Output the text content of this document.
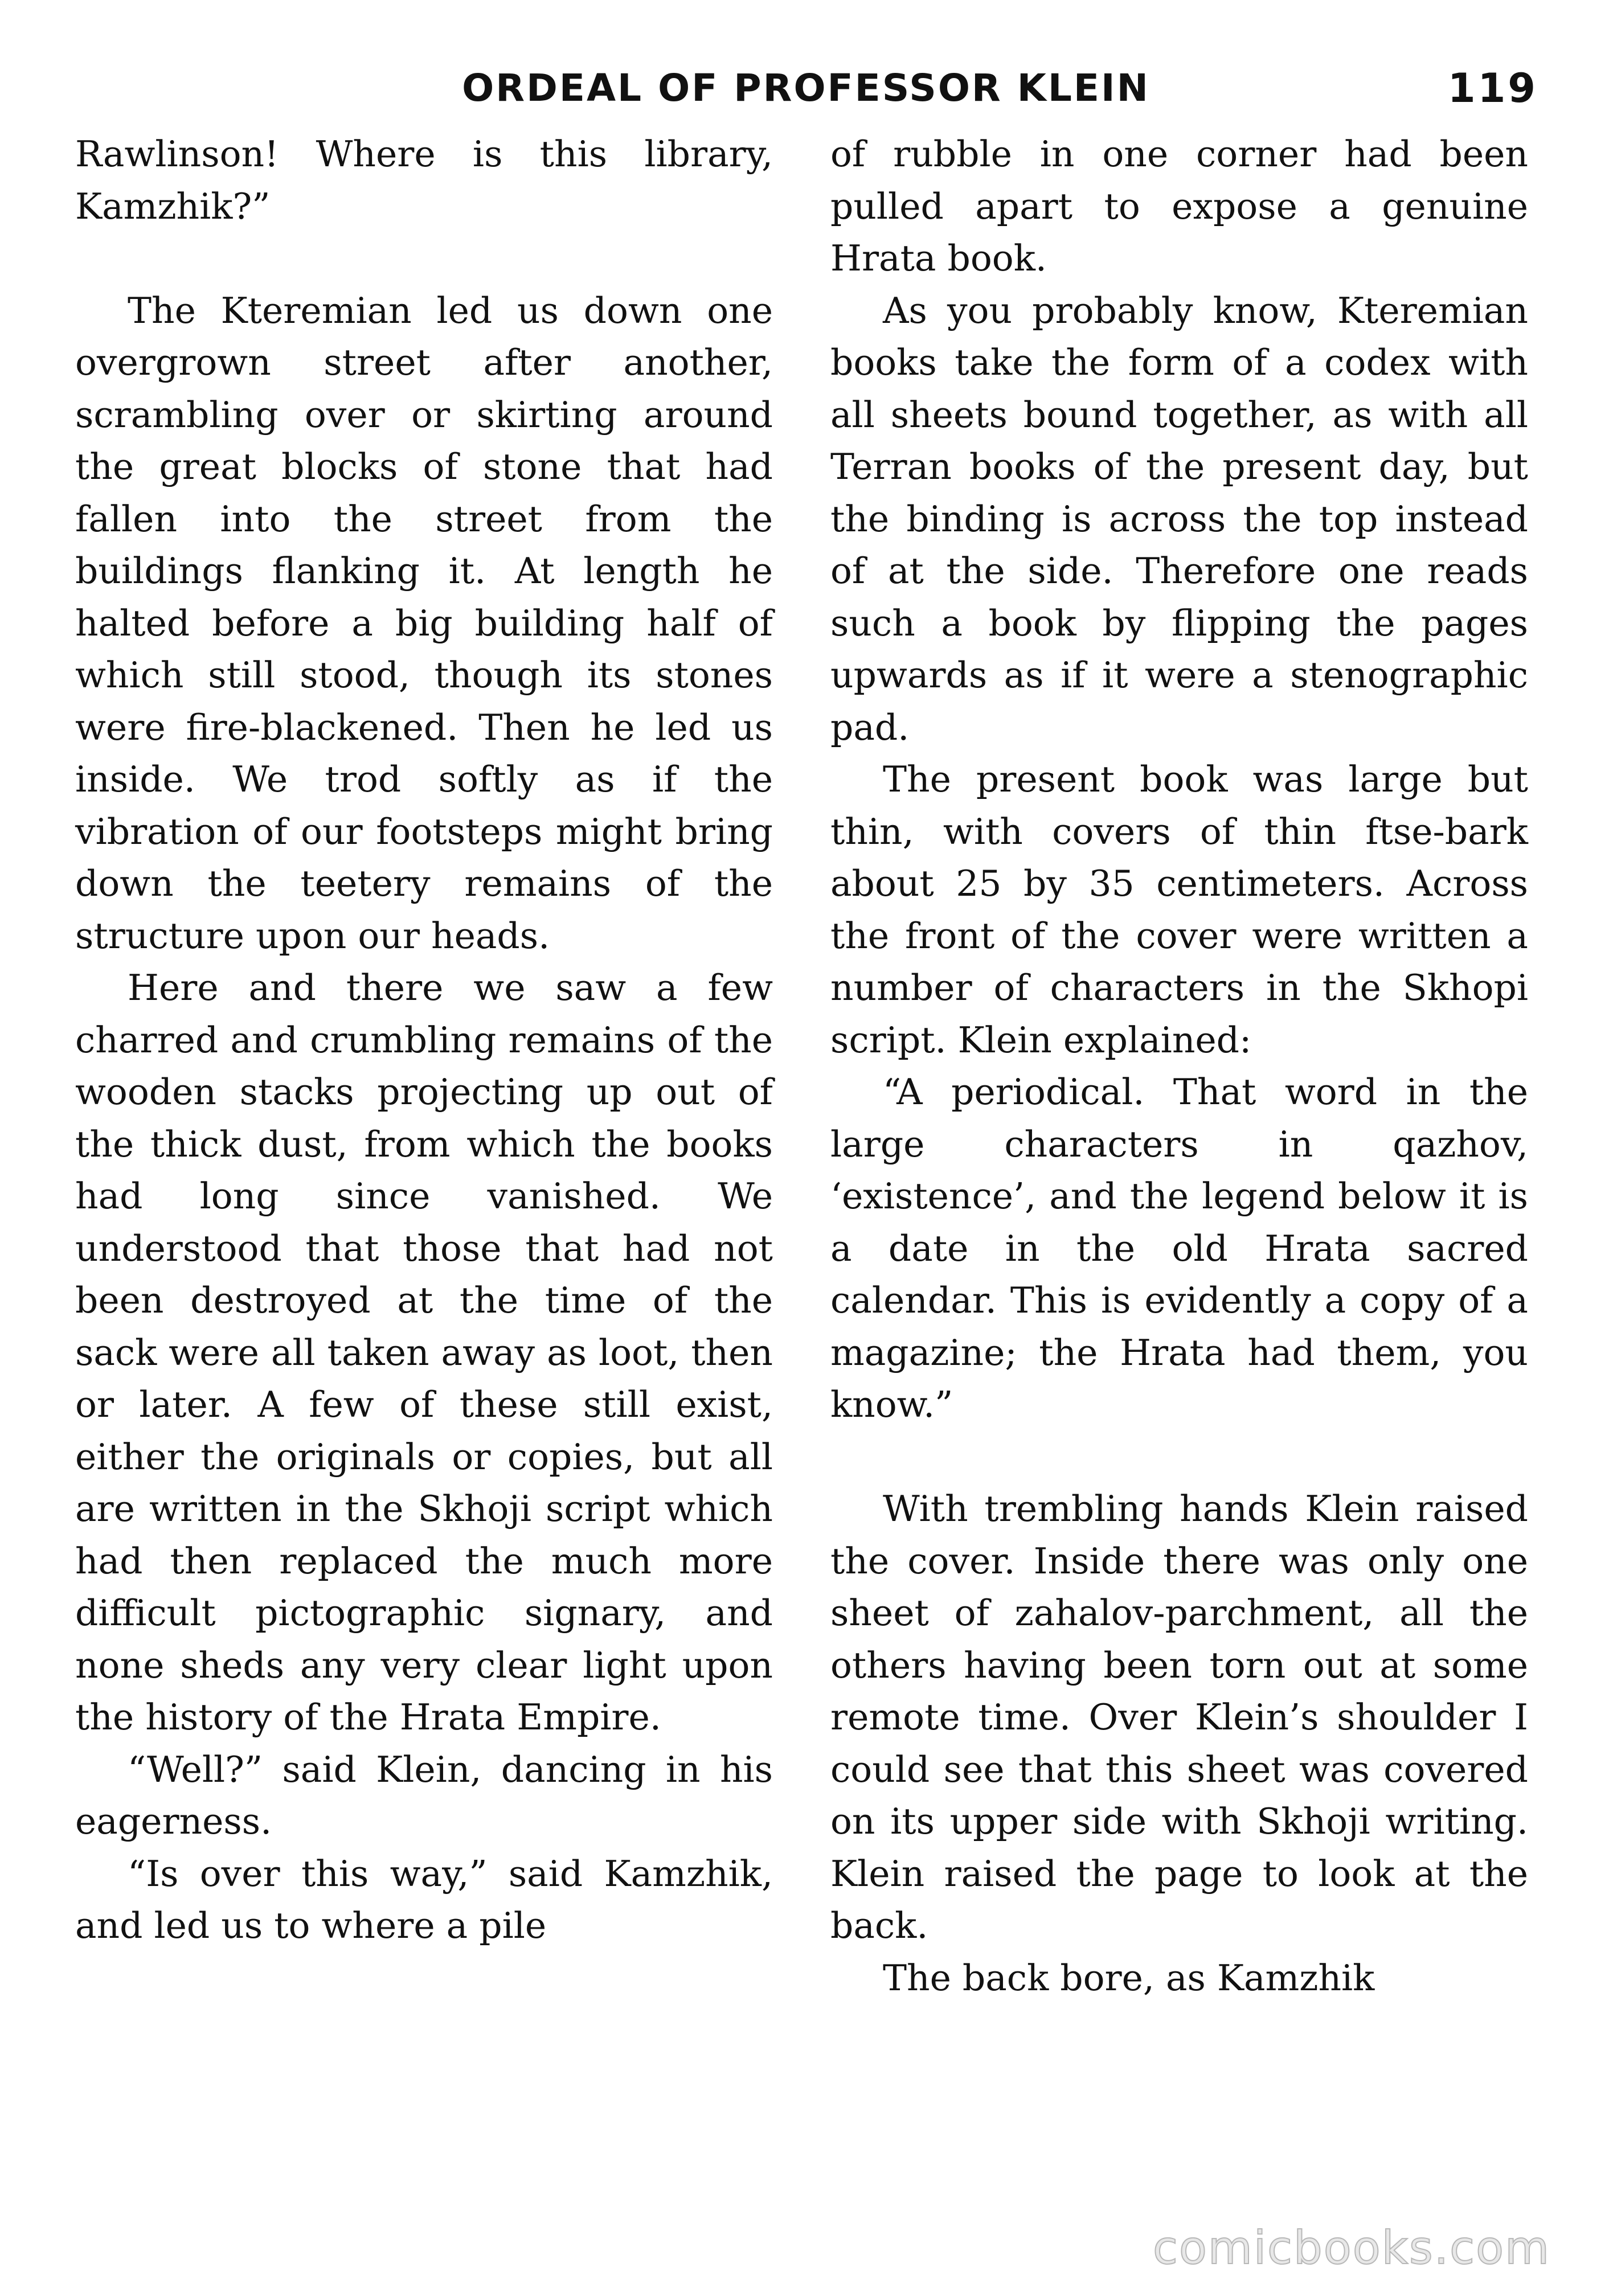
ORDEAL OF PROFESSOR KLEIN	119

Rawlinson! Where is this library, Kamzhik?”

The Kteremian led us down one overgrown street after another, scrambling over or skirting around the great blocks of stone that had fallen into the street from the buildings flanking it. At length he halted before a big building half of which still stood, though its stones were fire-blackened. Then he led us inside. We trod softly as if the vibration of our footsteps might bring down the teetery remains of the structure upon our heads.

Here and there we saw a few charred and crumbling remains of the wooden stacks projecting up out of the thick dust, from which the books had long since vanished. We understood that those that had not been destroyed at the time of the sack were all taken away as loot, then or later. A few of these still exist, either the originals or copies, but all are written in the Skhoji script which had then replaced the much more difficult pictographic signary, and none sheds any very clear light upon the history of the Hrata Empire.

“Well?” said Klein, dancing in his eagerness.

“Is over this way,” said Kamzhik, and led us to where a pile

of rubble in one corner had been pulled apart to expose a genuine Hrata book.

As you probably know, Kteremian books take the form of a codex with all sheets bound together, as with all Terran books of the present day, but the binding is across the top instead of at the side. Therefore one reads such a book by flipping the pages upwards as if it were a stenographic pad.

The present book was large but thin, with covers of thin ftse-bark about 25 by 35 centimeters. Across the front of the cover were written a number of characters in the Skhopi script. Klein explained:

“A periodical. That word in the large characters in qazhov, ‘existence’, and the legend below it is a date in the old Hrata sacred calendar. This is evidently a copy of a magazine; the Hrata had them, you know.”

With trembling hands Klein raised the cover. Inside there was only one sheet of zahalov-parchment, all the others having been torn out at some remote time. Over Klein’s shoulder I could see that this sheet was covered on its upper side with Skhoji writing. Klein raised the page to look at the back.

The back bore, as Kamzhik

comicbooks.com
